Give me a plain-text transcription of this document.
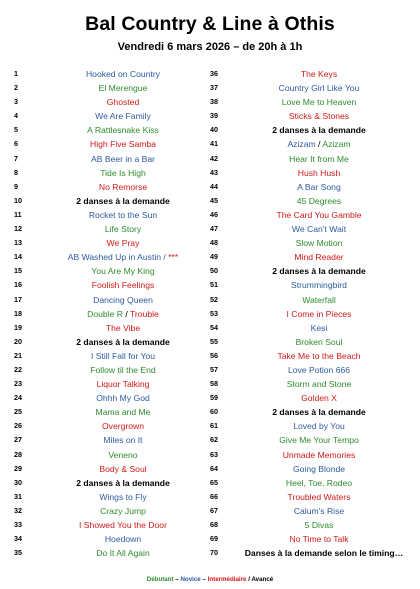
Bal Country & Line à Othis
Vendredi 6 mars 2026 – de 20h à 1h
1	Hooked on Country
2	El Merengue
3	Ghosted
4	We Are Family
5	A Rattlesnake Kiss
6	High Five Samba
7	AB Beer in a Bar
8	Tide Is High
9	No Remorse
10	2 danses à la demande
11	Rocket to the Sun
12	Life Story
13	We Pray
14	AB Washed Up in Austin / ***
15	You Are My King
16	Foolish Feelings
17	Dancing Queen
18	Double R / Trouble
19	The Vibe
20	2 danses à la demande
21	I Still Fall for You
22	Follow til the End
23	Liquor Talking
24	Ohhh My God
25	Mama and Me
26	Overgrown
27	Miles on It
28	Veneno
29	Body & Soul
30	2 danses à la demande
31	Wings to Fly
32	Crazy Jump
33	I Showed You the Door
34	Hoedown
35	Do It All Again
36	The Keys
37	Country Girl Like You
38	Love Me to Heaven
39	Sticks & Stones
40	2 danses à la demande
41	Azizam / Azizam
42	Hear It from Me
43	Hush Hush
44	A Bar Song
45	45 Degrees
46	The Card You Gamble
47	We Can't Wait
48	Slow Motion
49	Mind Reader
50	2 danses à la demande
51	Strummingbird
52	Waterfall
53	I Come in Pieces
54	Kesi
55	Broken Soul
56	Take Me to the Beach
57	Love Potion 666
58	Storm and Stone
59	Golden X
60	2 danses à la demande
61	Loved by You
62	Give Me Your Tempo
63	Unmade Memories
64	Going Blonde
65	Heel, Toe, Rodeo
66	Troubled Waters
67	Calum's Rise
68	5 Divas
69	No Time to Talk
70	Danses à la demande selon le timing…
Débutant – Novice – Intermédiaire / Avancé
